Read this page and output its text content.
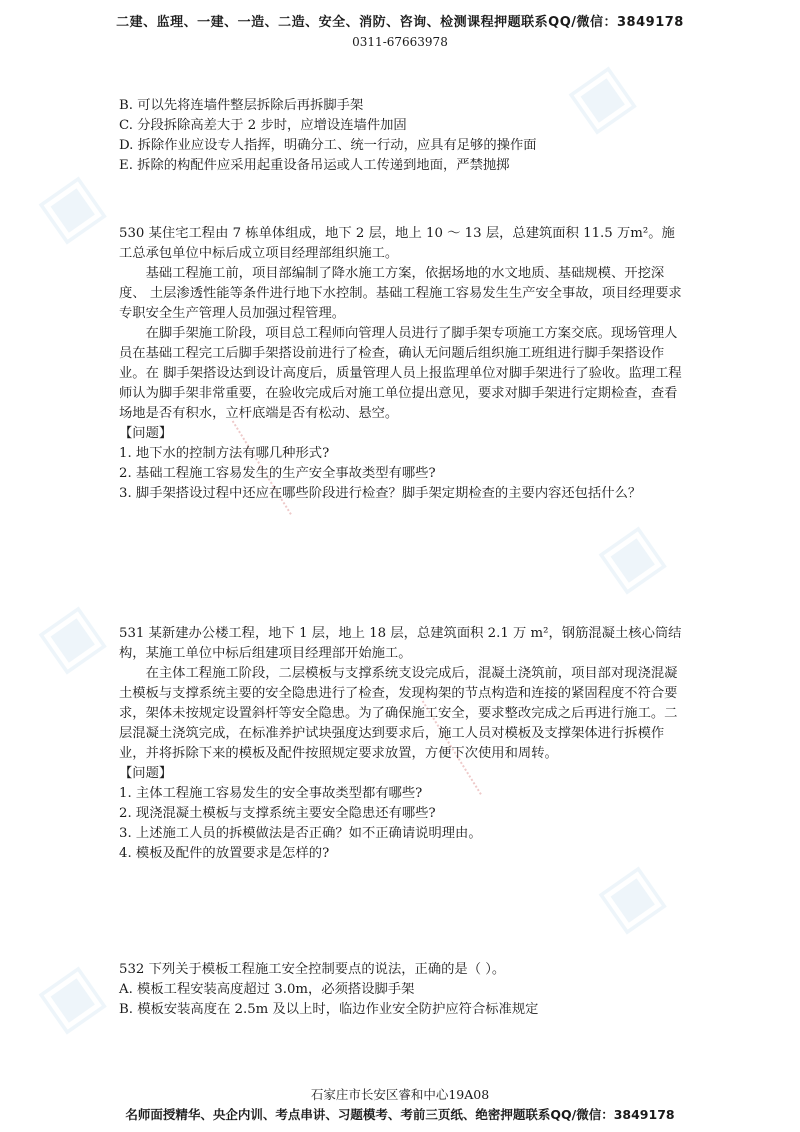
▣
▣
▣
▣
▣
▣
二建、监理、一建、一造、二造、安全、消防、咨询、检测课程押题联系QQ/微信：3849178
0311-67663978

B. 可以先将连墙件整层拆除后再拆脚手架

C. 分段拆除高差大于 2 步时，应增设连墙件加固

D. 拆除作业应设专人指挥，明确分工、统一行动，应具有足够的操作面

E. 拆除的构配件应采用起重设备吊运或人工传递到地面，严禁抛掷

530 某住宅工程由 7 栋单体组成，地下 2 层，地上 10 ～ 13 层，总建筑面积 11.5 万m²。施工总承包单位中标后成立项目经理部组织施工。

基础工程施工前，项目部编制了降水施工方案，依据场地的水文地质、基础规模、开挖深度、 土层渗透性能等条件进行地下水控制。基础工程施工容易发生生产安全事故，项目经理要求专职安全生产管理人员加强过程管理。

在脚手架施工阶段，项目总工程师向管理人员进行了脚手架专项施工方案交底。现场管理人员在基础工程完工后脚手架搭设前进行了检查，确认无问题后组织施工班组进行脚手架搭设作业。在 脚手架搭设达到设计高度后，质量管理人员上报监理单位对脚手架进行了验收。监理工程师认为脚手架非常重要，在验收完成后对施工单位提出意见，要求对脚手架进行定期检查，查看场地是否有积水，立杆底端是否有松动、悬空。

【问题】

1. 地下水的控制方法有哪几种形式?

2. 基础工程施工容易发生的生产安全事故类型有哪些?

3. 脚手架搭设过程中还应在哪些阶段进行检查？脚手架定期检查的主要内容还包括什么？

531 某新建办公楼工程，地下 1 层，地上 18 层，总建筑面积 2.1 万 m²，钢筋混凝土核心筒结构，某施工单位中标后组建项目经理部开始施工。

在主体工程施工阶段，二层模板与支撑系统支设完成后，混凝土浇筑前，项目部对现浇混凝土模板与支撑系统主要的安全隐患进行了检查，发现构架的节点构造和连接的紧固程度不符合要求，架体未按规定设置斜杆等安全隐患。为了确保施工安全，要求整改完成之后再进行施工。二层混凝土浇筑完成，在标准养护试块强度达到要求后，施工人员对模板及支撑架体进行拆模作业，并将拆除下来的模板及配件按照规定要求放置，方便下次使用和周转。

【问题】

1. 主体工程施工容易发生的安全事故类型都有哪些?

2. 现浇混凝土模板与支撑系统主要安全隐患还有哪些?

3. 上述施工人员的拆模做法是否正确？如不正确请说明理由。

4. 模板及配件的放置要求是怎样的?

532 下列关于模板工程施工安全控制要点的说法，正确的是（ ）。

A. 模板工程安装高度超过 3.0m，必须搭设脚手架

B. 模板安装高度在 2.5m 及以上时，临边作业安全防护应符合标准规定

石家庄市长安区睿和中心19A08
名师面授精华、央企内训、考点串讲、习题模考、考前三页纸、绝密押题联系QQ/微信：3849178
